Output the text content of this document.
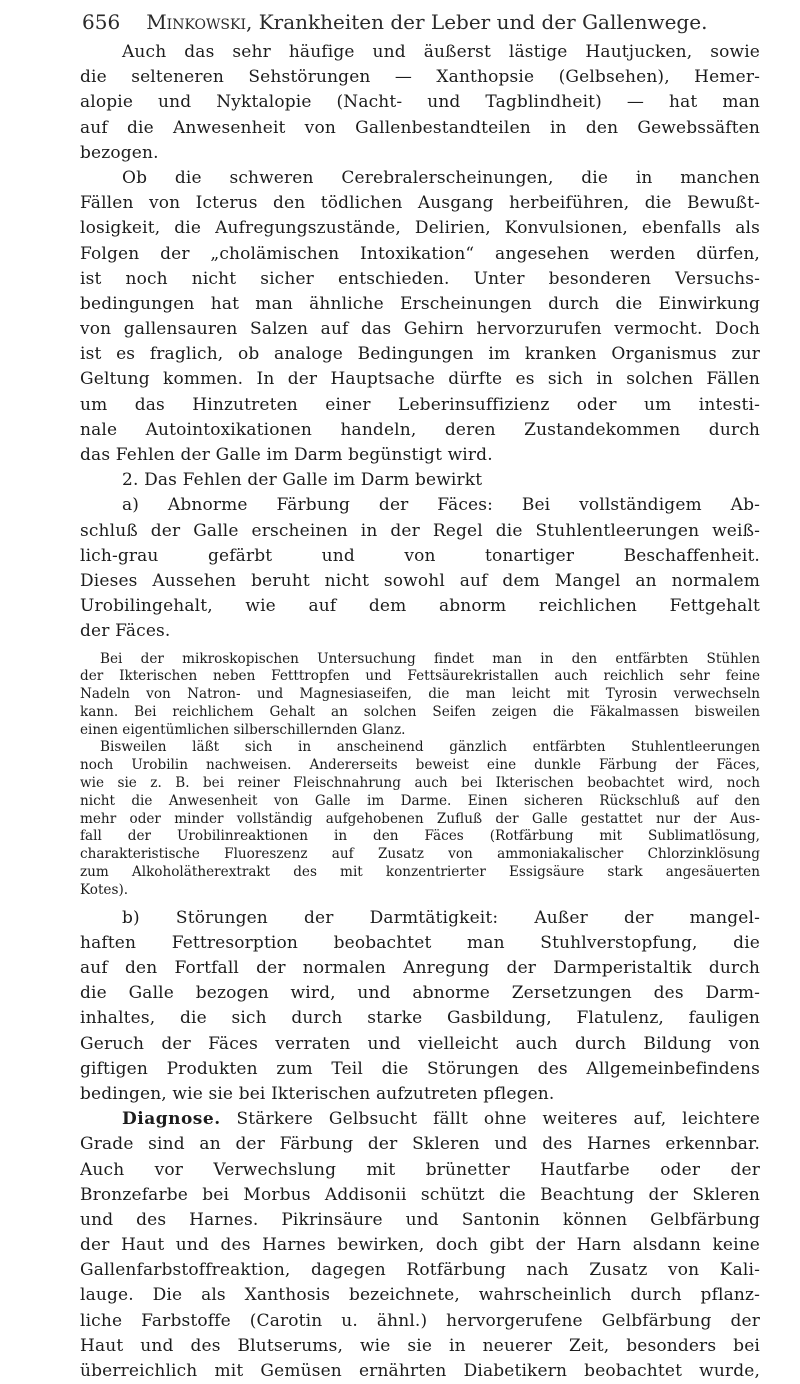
656 Minkowski, Krankheiten der Leber und der Gallenwege.
Auch das sehr häufige und äußerst lästige Hautjucken, sowie
die selteneren Sehstörungen — Xanthopsie (Gelbsehen), Hemer-
alopie und Nyktalopie (Nacht- und Tagblindheit) — hat man
auf die Anwesenheit von Gallenbestandteilen in den Gewebssäften
bezogen.
Ob die schweren Cerebralerscheinungen, die in manchen
Fällen von Icterus den tödlichen Ausgang herbeiführen, die Bewußt-
losigkeit, die Aufregungszustände, Delirien, Konvulsionen, ebenfalls als
Folgen der „cholämischen Intoxikation“ angesehen werden dürfen,
ist noch nicht sicher entschieden. Unter besonderen Versuchs-
bedingungen hat man ähnliche Erscheinungen durch die Einwirkung
von gallensauren Salzen auf das Gehirn hervorzurufen vermocht. Doch
ist es fraglich, ob analoge Bedingungen im kranken Organismus zur
Geltung kommen. In der Hauptsache dürfte es sich in solchen Fällen
um das Hinzutreten einer Leberinsuffizienz oder um intesti-
nale Autointoxikationen handeln, deren Zustandekommen durch
das Fehlen der Galle im Darm begünstigt wird.
2. Das Fehlen der Galle im Darm bewirkt
a) Abnorme Färbung der Fäces: Bei vollständigem Ab-
schluß der Galle erscheinen in der Regel die Stuhlentleerungen weiß-
lich-grau gefärbt und von tonartiger Beschaffenheit.
Dieses Aussehen beruht nicht sowohl auf dem Mangel an normalem
Urobilingehalt, wie auf dem abnorm reichlichen Fettgehalt
der Fäces.
Bei der mikroskopischen Untersuchung findet man in den entfärbten Stühlen
der Ikterischen neben Fetttropfen und Fettsäurekristallen auch reichlich sehr feine
Nadeln von Natron- und Magnesiaseifen, die man leicht mit Tyrosin verwechseln
kann. Bei reichlichem Gehalt an solchen Seifen zeigen die Fäkalmassen bisweilen
einen eigentümlichen silberschillernden Glanz.
Bisweilen läßt sich in anscheinend gänzlich entfärbten Stuhlentleerungen
noch Urobilin nachweisen. Andererseits beweist eine dunkle Färbung der Fäces,
wie sie z. B. bei reiner Fleischnahrung auch bei Ikterischen beobachtet wird, noch
nicht die Anwesenheit von Galle im Darme. Einen sicheren Rückschluß auf den
mehr oder minder vollständig aufgehobenen Zufluß der Galle gestattet nur der Aus-
fall der Urobilinreaktionen in den Fäces (Rotfärbung mit Sublimatlösung,
charakteristische Fluoreszenz auf Zusatz von ammoniakalischer Chlorzinklösung
zum Alkoholätherextrakt des mit konzentrierter Essigsäure stark angesäuerten
Kotes).
b) Störungen der Darmtätigkeit: Außer der mangel-
haften Fettresorption beobachtet man Stuhlverstopfung, die
auf den Fortfall der normalen Anregung der Darmperistaltik durch
die Galle bezogen wird, und abnorme Zersetzungen des Darm-
inhaltes, die sich durch starke Gasbildung, Flatulenz, fauligen
Geruch der Fäces verraten und vielleicht auch durch Bildung von
giftigen Produkten zum Teil die Störungen des Allgemeinbefindens
bedingen, wie sie bei Ikterischen aufzutreten pflegen.
Diagnose. Stärkere Gelbsucht fällt ohne weiteres auf, leichtere
Grade sind an der Färbung der Skleren und des Harnes erkennbar.
Auch vor Verwechslung mit brünetter Hautfarbe oder der
Bronzefarbe bei Morbus Addisonii schützt die Beachtung der Skleren
und des Harnes. Pikrinsäure und Santonin können Gelbfärbung
der Haut und des Harnes bewirken, doch gibt der Harn alsdann keine
Gallenfarbstoffreaktion, dagegen Rotfärbung nach Zusatz von Kali-
lauge. Die als Xanthosis bezeichnete, wahrscheinlich durch pflanz-
liche Farbstoffe (Carotin u. ähnl.) hervorgerufene Gelbfärbung der
Haut und des Blutserums, wie sie in neuerer Zeit, besonders bei
überreichlich mit Gemüsen ernährten Diabetikern beobachtet wurde,
